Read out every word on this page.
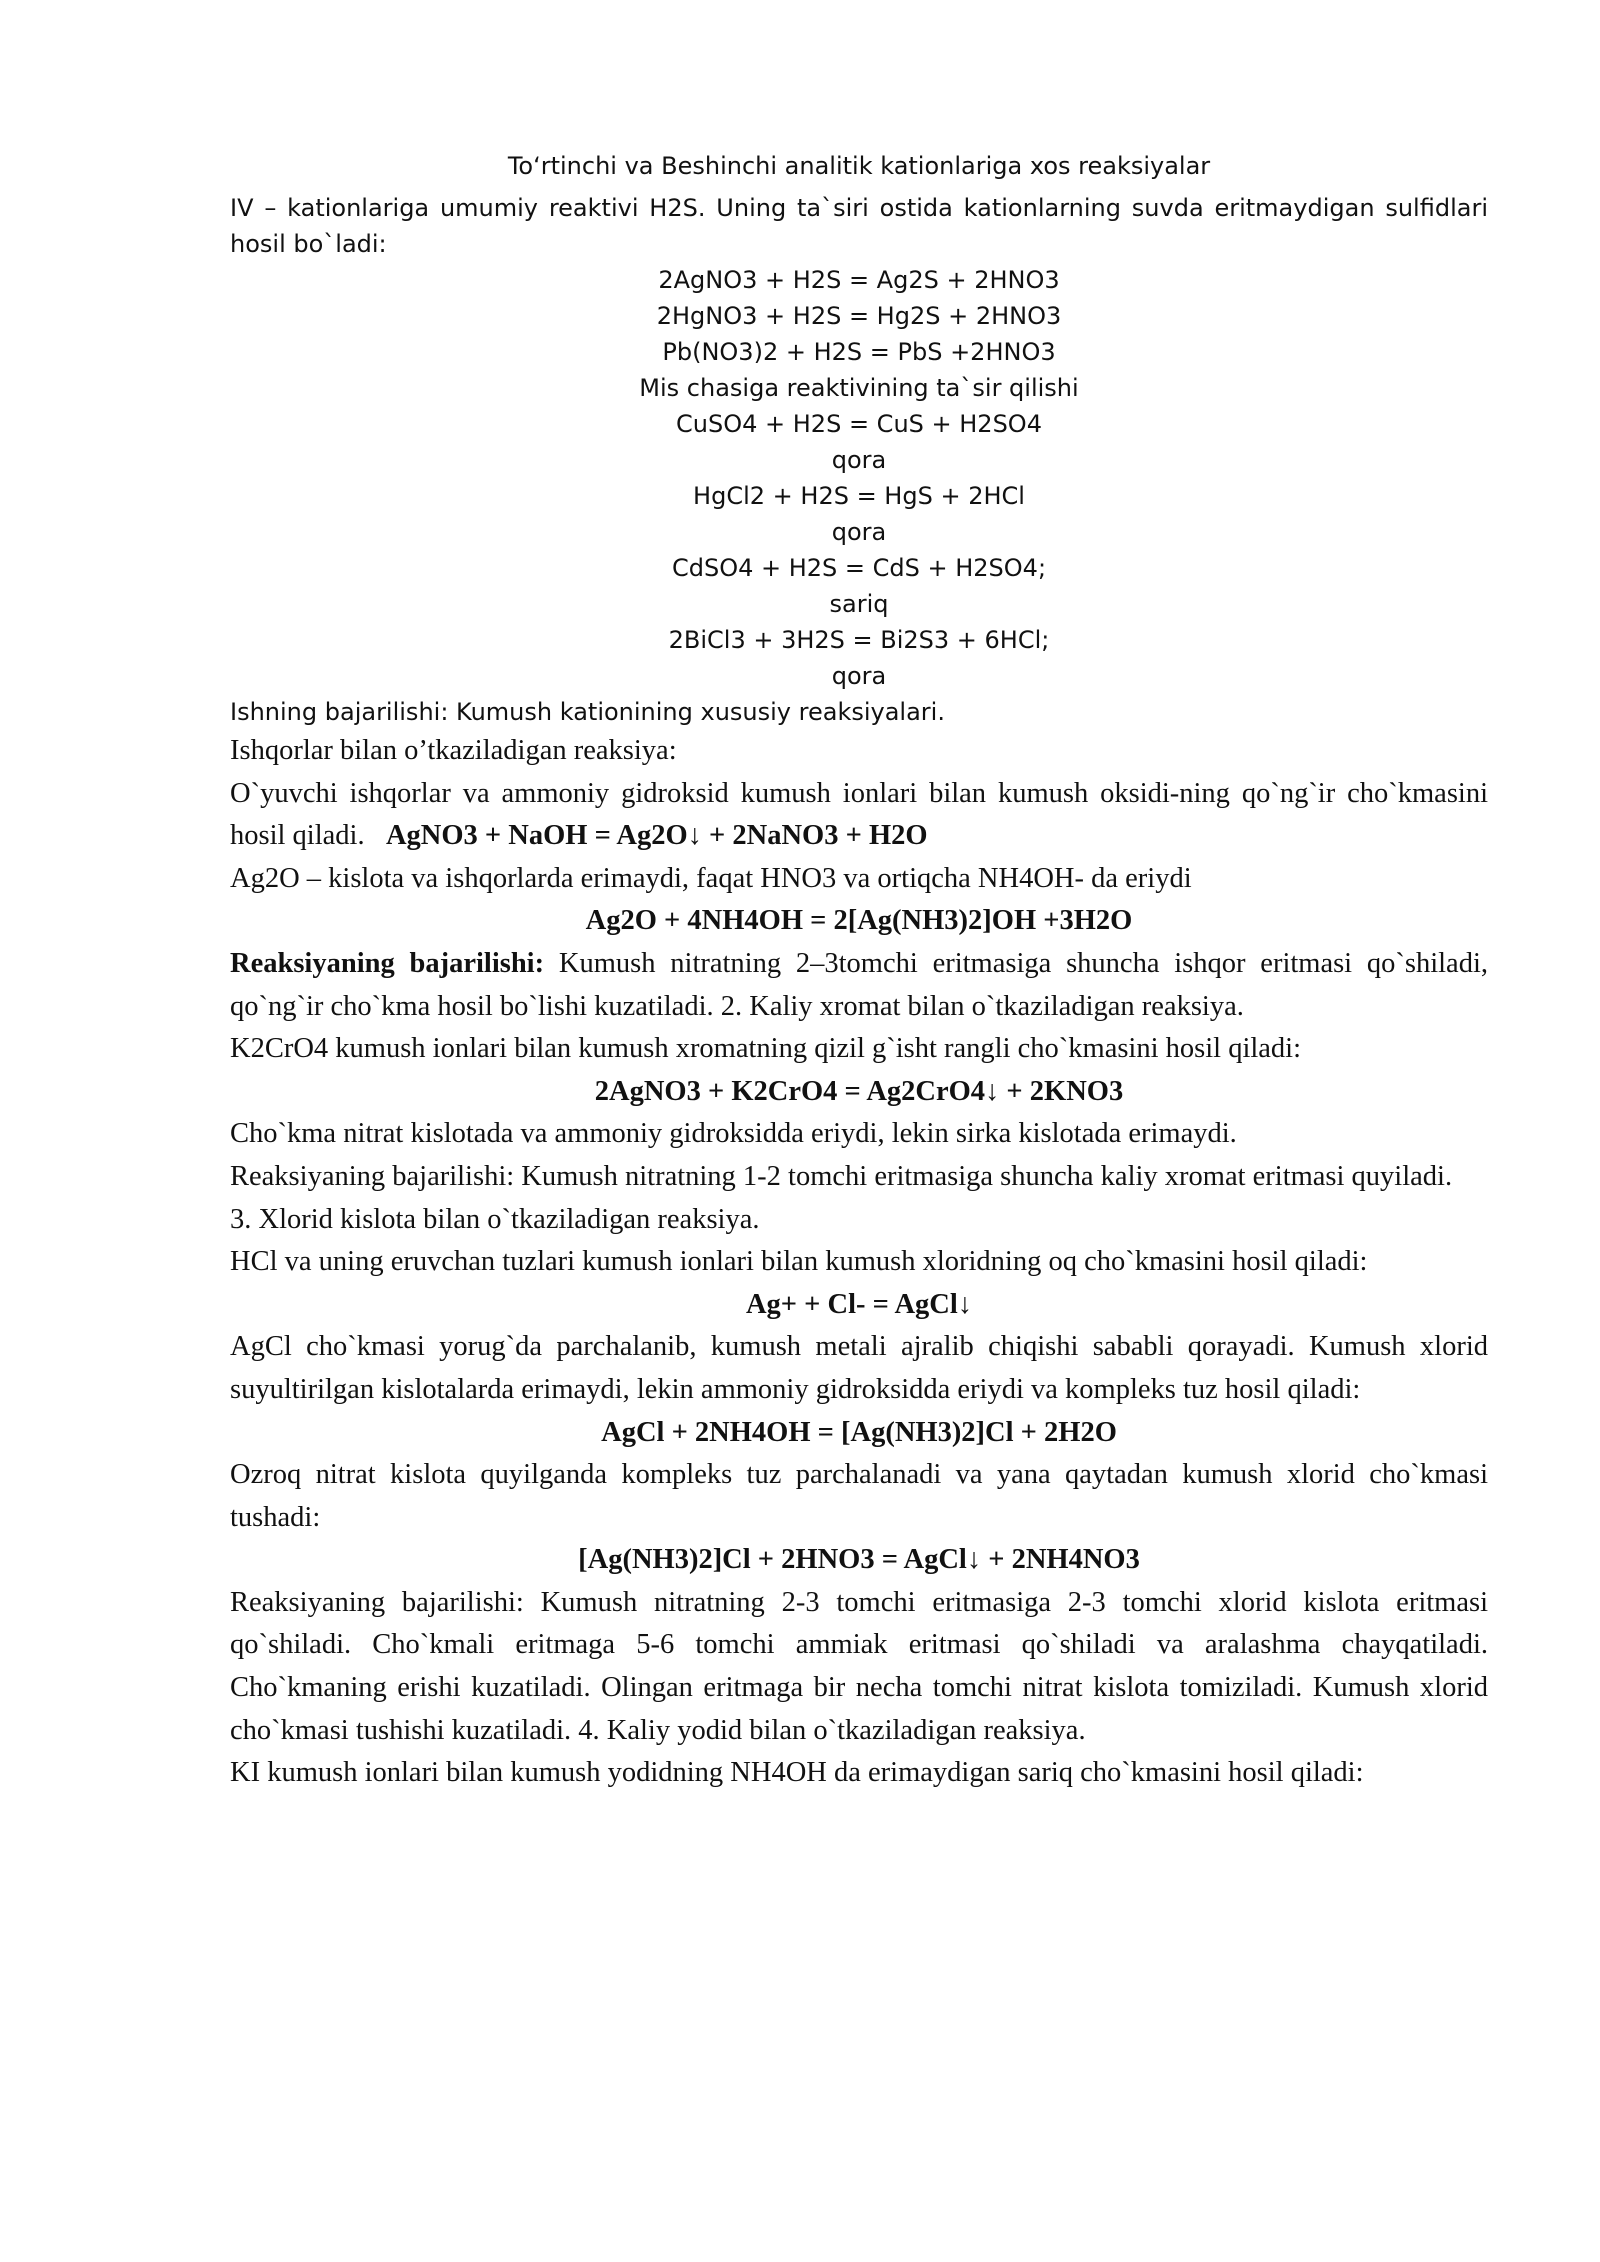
To‘rtinchi va Beshinchi analitik kationlariga xos reaksiyalar

IV – kationlariga umumiy reaktivi H2S. Uning ta`siri ostida kationlarning suvda eritmaydigan sulfidlari hosil bo`ladi:

2AgNO3 + H2S = Ag2S + 2HNO3
2HgNO3 + H2S = Hg2S + 2HNO3
Pb(NO3)2 + H2S = PbS +2HNO3
Mis chasiga reaktivining ta`sir qilishi
CuSO4 + H2S = CuS + H2SO4
qora
HgCl2 + H2S = HgS + 2HCl
qora
CdSO4 + H2S = CdS + H2SO4;
sariq
2BiCl3 + 3H2S = Bi2S3 + 6HCl;
qora

Ishning bajarilishi: Kumush kationining xususiy reaksiyalari.

Ishqorlar bilan o’tkaziladigan reaksiya:

O`yuvchi ishqorlar va ammoniy gidroksid kumush ionlari bilan kumush oksidi-ning qo`ng`ir cho`kmasini hosil qiladi. AgNO3 + NaOH = Ag2O↓ + 2NaNO3 + H2O

Ag2O – kislota va ishqorlarda erimaydi, faqat HNO3 va ortiqcha NH4OH- da eriydi

Ag2O + 4NH4OH = 2[Ag(NH3)2]OH +3H2O

Reaksiyaning bajarilishi: Kumush nitratning 2–3tomchi eritmasiga shuncha ishqor eritmasi qo`shiladi, qo`ng`ir cho`kma hosil bo`lishi kuzatiladi. 2. Kaliy xromat bilan o`tkaziladigan reaksiya.

K2CrO4 kumush ionlari bilan kumush xromatning qizil g`isht rangli cho`kmasini hosil qiladi:

2AgNO3 + K2CrO4 = Ag2CrO4↓ + 2KNO3

Cho`kma nitrat kislotada va ammoniy gidroksidda eriydi, lekin sirka kislotada erimaydi.

Reaksiyaning bajarilishi: Kumush nitratning 1-2 tomchi eritmasiga shuncha kaliy xromat eritmasi quyiladi.

3. Xlorid kislota bilan o`tkaziladigan reaksiya.

HCl va uning eruvchan tuzlari kumush ionlari bilan kumush xloridning oq cho`kmasini hosil qiladi:

Ag+ + Cl- = AgCl↓

AgCl cho`kmasi yorug`da parchalanib, kumush metali ajralib chiqishi sababli qorayadi. Kumush xlorid suyultirilgan kislotalarda erimaydi, lekin ammoniy gidroksidda eriydi va kompleks tuz hosil qiladi:

AgCl + 2NH4OH = [Ag(NH3)2]Cl + 2H2O

Ozroq nitrat kislota quyilganda kompleks tuz parchalanadi va yana qaytadan kumush xlorid cho`kmasi tushadi:

[Ag(NH3)2]Cl + 2HNO3 = AgCl↓ + 2NH4NO3

Reaksiyaning bajarilishi: Kumush nitratning 2-3 tomchi eritmasiga 2-3 tomchi xlorid kislota eritmasi qo`shiladi. Cho`kmali eritmaga 5-6 tomchi ammiak eritmasi qo`shiladi va aralashma chayqatiladi. Cho`kmaning erishi kuzatiladi. Olingan eritmaga bir necha tomchi nitrat kislota tomiziladi. Kumush xlorid cho`kmasi tushishi kuzatiladi. 4. Kaliy yodid bilan o`tkaziladigan reaksiya.

KI kumush ionlari bilan kumush yodidning NH4OH da erimaydigan sariq cho`kmasini hosil qiladi:
